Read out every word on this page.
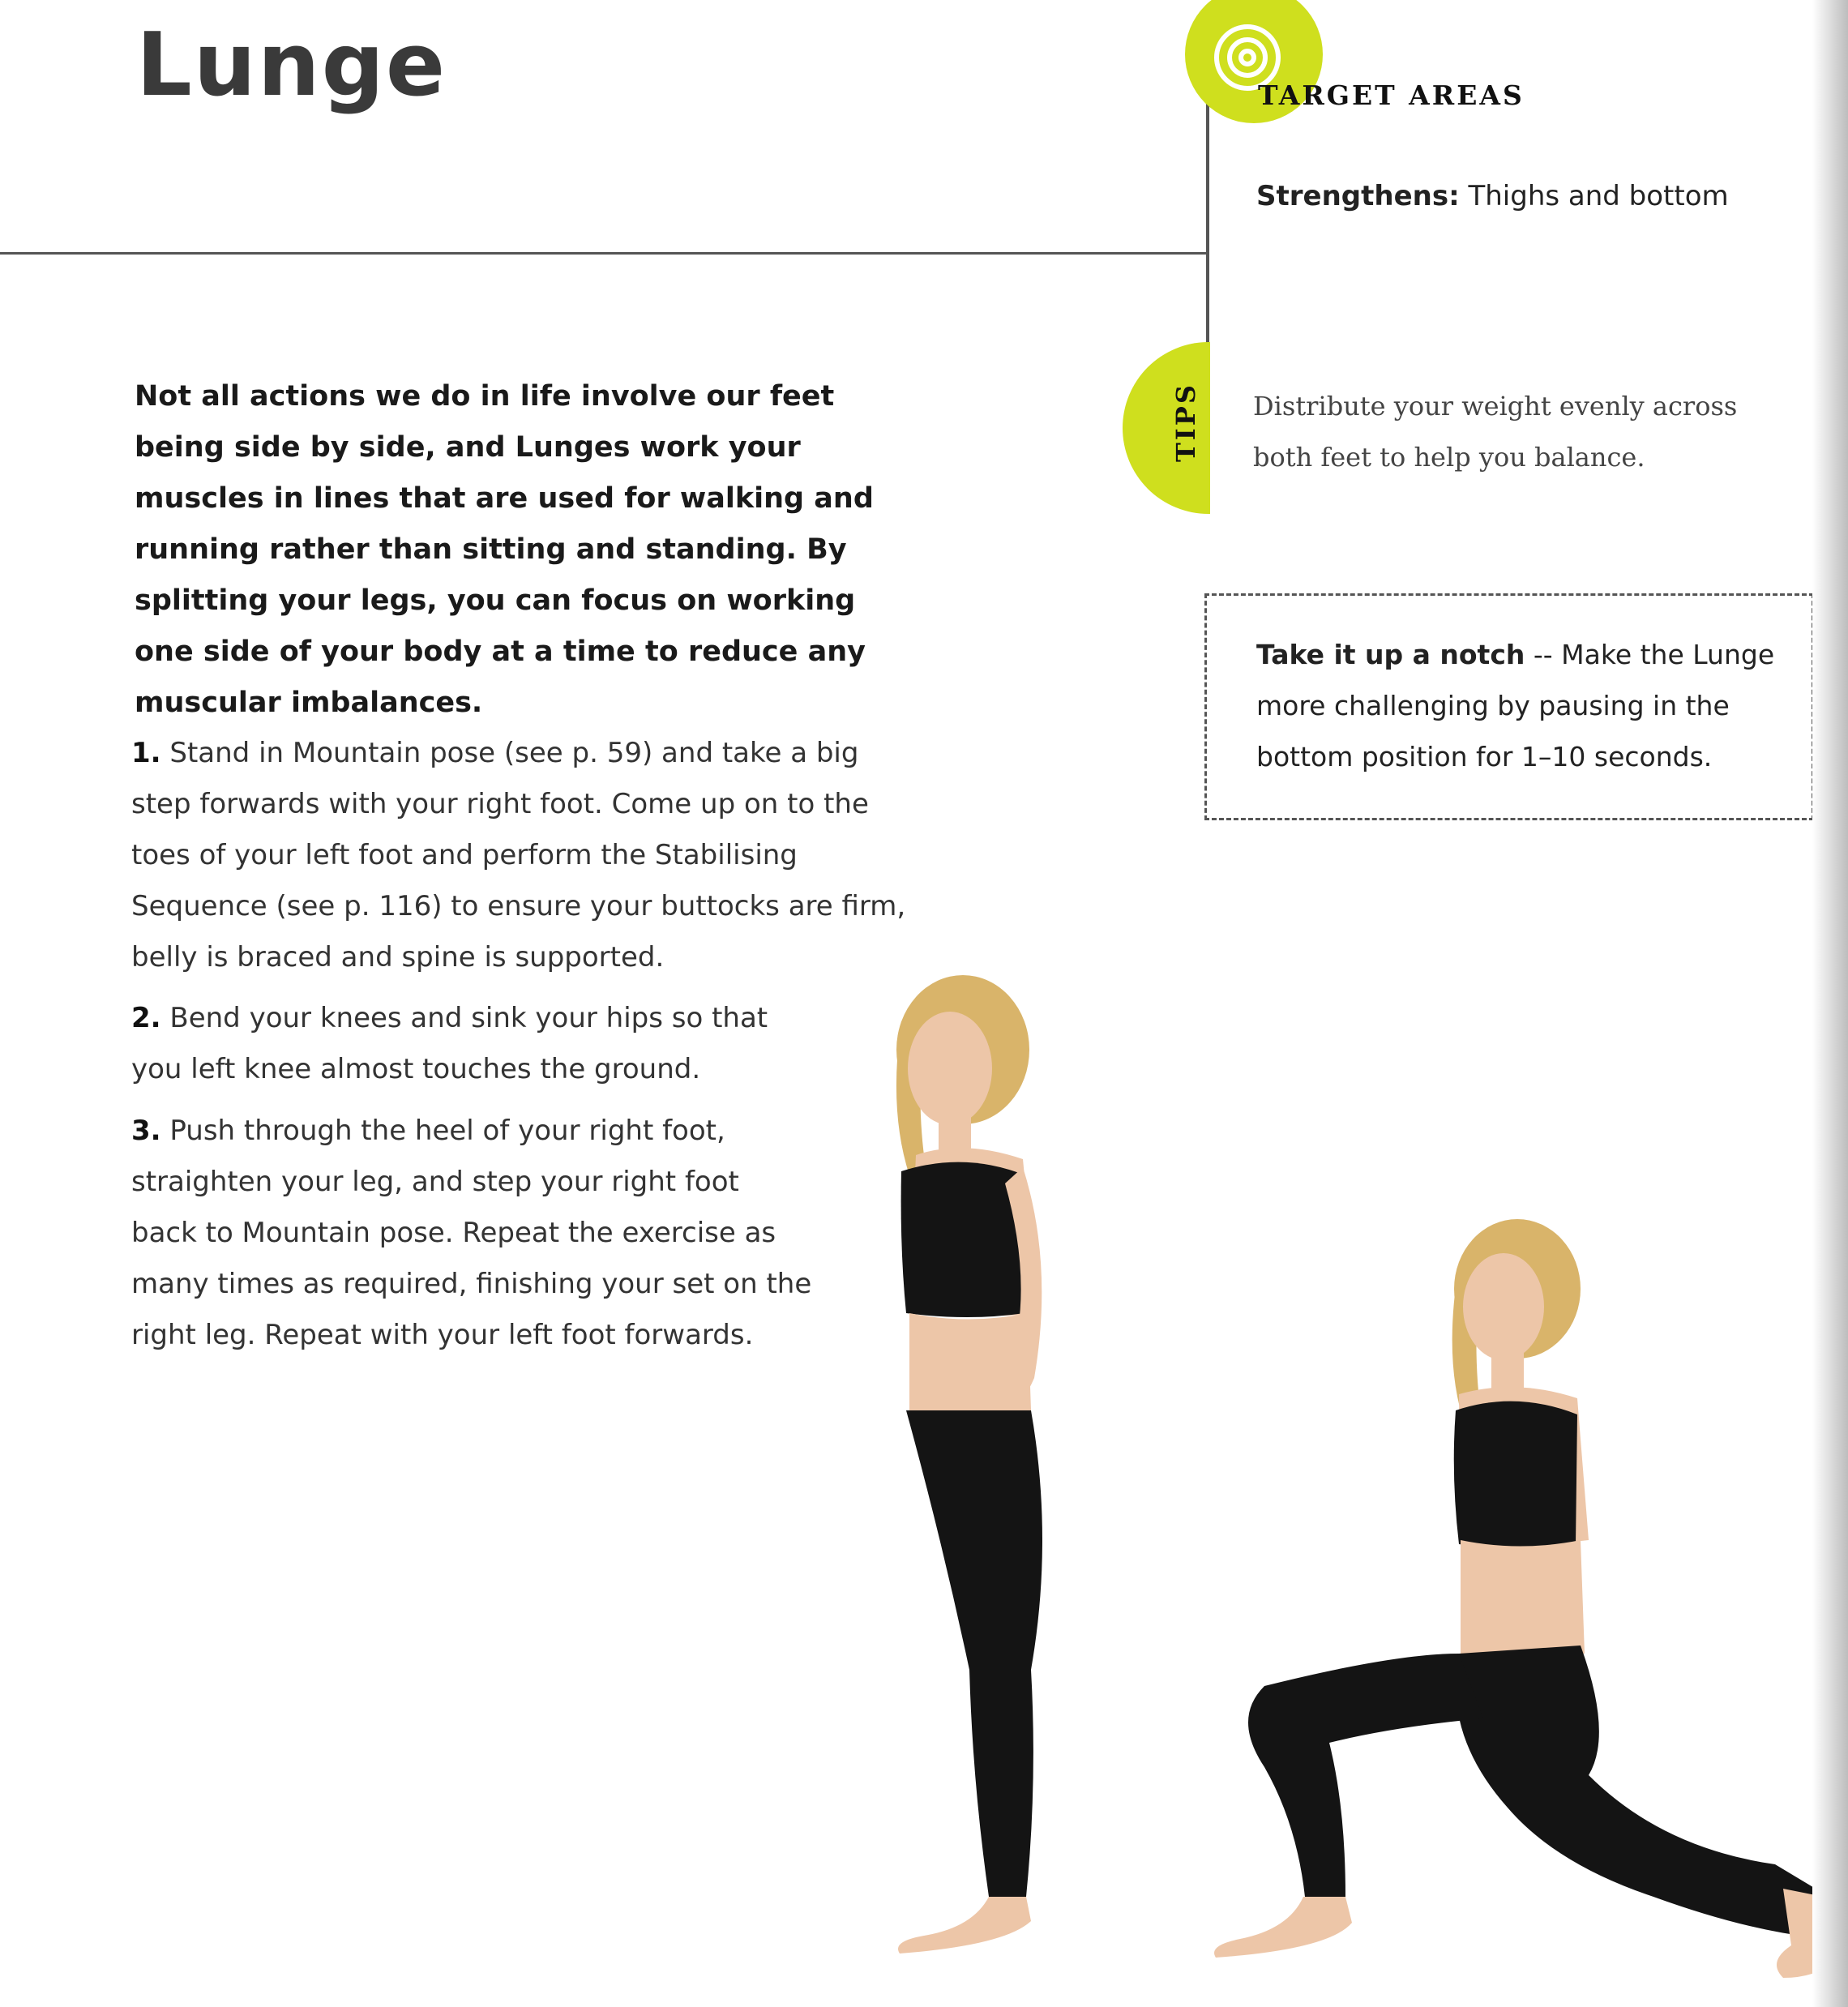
Lunge	TARGET AREAS
Strengthens: Thighs and bottom
TIPS Distribute your weight evenly across both feet to help you balance.
Take it up a notch -- Make the Lunge more challenging by pausing in the bottom position for 1–10 seconds.
Not all actions we do in life involve our feet being side by side, and Lunges work your muscles in lines that are used for walking and running rather than sitting and standing. By splitting your legs, you can focus on working one side of your body at a time to reduce any muscular imbalances.
1. Stand in Mountain pose (see p. 59) and take a big step forwards with your right foot. Come up on to the toes of your left foot and perform the Stabilising Sequence (see p. 116) to ensure your buttocks are firm, belly is braced and spine is supported.
2. Bend your knees and sink your hips so that you left knee almost touches the ground.
3. Push through the heel of your right foot, straighten your leg, and step your right foot back to Mountain pose. Repeat the exercise as many times as required, finishing your set on the right leg. Repeat with your left foot forwards.
